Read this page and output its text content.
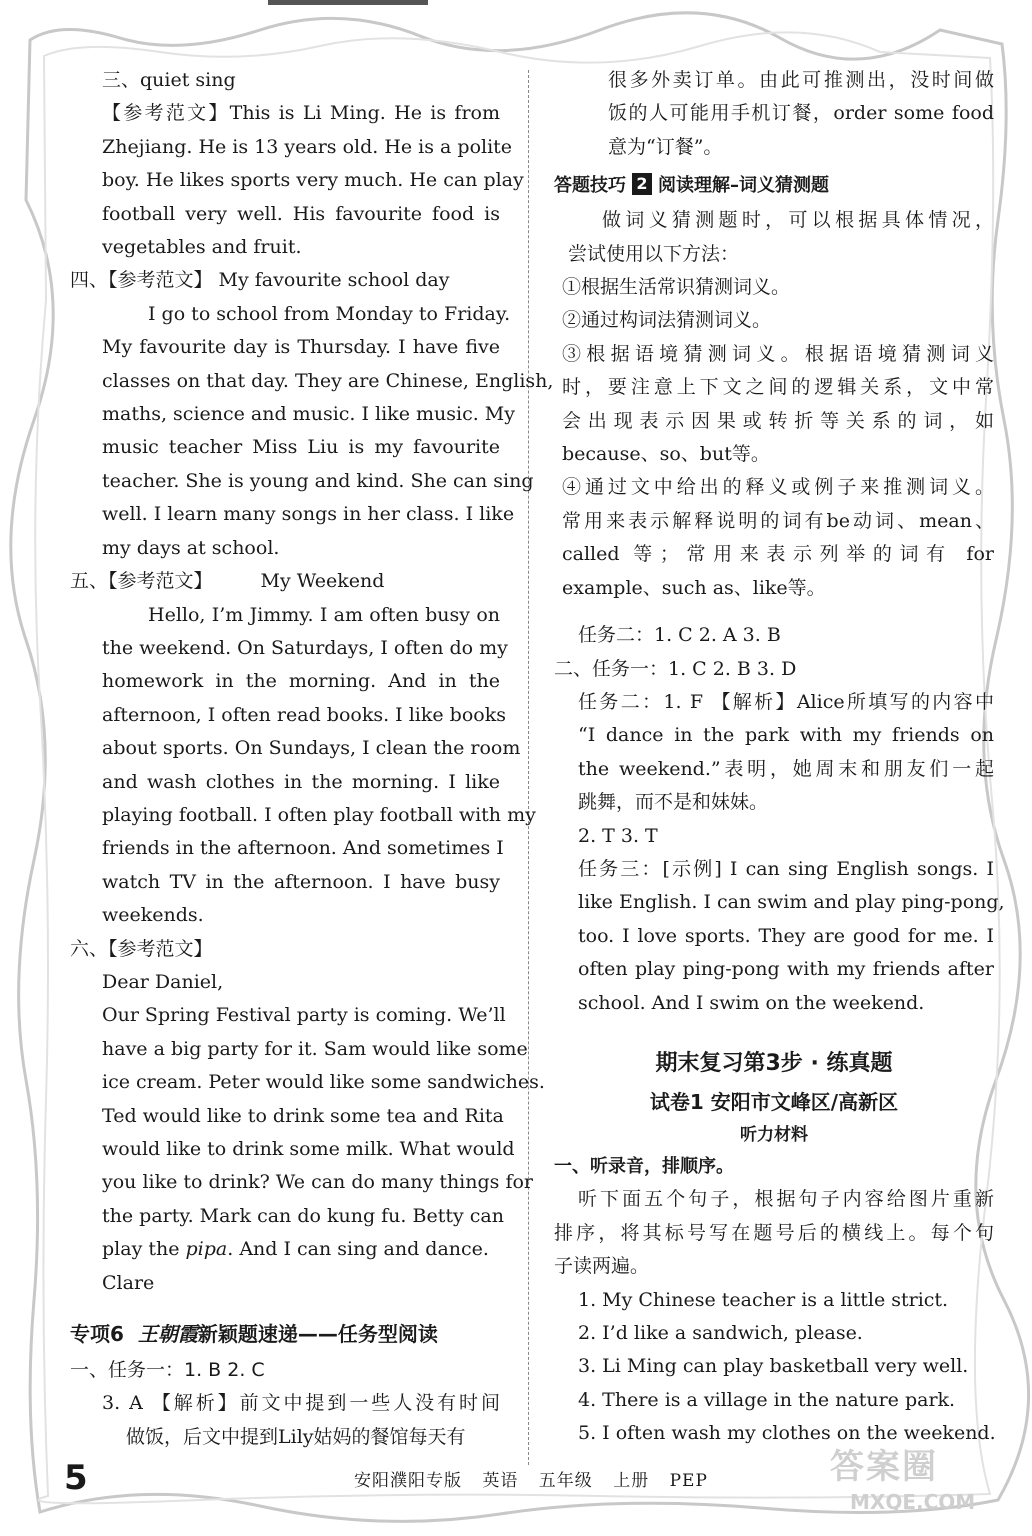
三、quiet sing
【参考范文】This is Li Ming. He is from
Zhejiang. He is 13 years old. He is a polite
boy. He likes sports very much. He can play
football very well. His favourite food is
vegetables and fruit.
四、【参考范文】 My favourite school day
I go to school from Monday to Friday.
My favourite day is Thursday. I have five
classes on that day. They are Chinese, English,
maths, science and music. I like music. My
music teacher Miss Liu is my favourite
teacher. She is young and kind. She can sing
well. I learn many songs in her class. I like
my days at school.
五、【参考范文】	My Weekend
Hello, I’m Jimmy. I am often busy on
the weekend. On Saturdays, I often do my
homework in the morning. And in the
afternoon, I often read books. I like books
about sports. On Sundays, I clean the room
and wash clothes in the morning. I like
playing football. I often play football with my
friends in the afternoon. And sometimes I
watch TV in the afternoon. I have busy
weekends.
六、【参考范文】
Dear Daniel,
Our Spring Festival party is coming. We’ll
have a big party for it. Sam would like some
ice cream. Peter would like some sandwiches.
Ted would like to drink some tea and Rita
would like to drink some milk. What would
you like to drink? We can do many things for
the party. Mark can do kung fu. Betty can
play the pipa. And I can sing and dance.
Clare
专项6 王朝霞新颖题速递——任务型阅读
一、任务一：1. B 2. C
3. A 【解析】前文中提到一些人没有时间
做饭，后文中提到Lily姑妈的餐馆每天有
很多外卖订单。由此可推测出，没时间做
饭的人可能用手机订餐，order some food
意为“订餐”。
答题技巧 2 阅读理解–词义猜测题
做词义猜测题时，可以根据具体情况，
尝试使用以下方法：
①根据生活常识猜测词义。
②通过构词法猜测词义。
③根据语境猜测词义。根据语境猜测词义
时，要注意上下文之间的逻辑关系，文中常
会出现表示因果或转折等关系的词，如
because、so、but等。
④通过文中给出的释义或例子来推测词义。
常用来表示解释说明的词有be动词、mean、
called 等；常用来表示列举的词有 for
example、such as、like等。
任务二：1. C 2. A 3. B
二、任务一：1. C 2. B 3. D
任务二：1. F 【解析】Alice所填写的内容中
“I dance in the park with my friends on
the weekend.”表明，她周末和朋友们一起
跳舞，而不是和妹妹。
2. T 3. T
任务三：[示例] I can sing English songs. I
like English. I can swim and play ping-pong,
too. I love sports. They are good for me. I
often play ping-pong with my friends after
school. And I swim on the weekend.
期末复习第3步 · 练真题
试卷1 安阳市文峰区/高新区
听力材料
一、听录音，排顺序。
听下面五个句子，根据句子内容给图片重新
排序，将其标号写在题号后的横线上。每个句
子读两遍。
1. My Chinese teacher is a little strict.
2. I’d like a sandwich, please.
3. Li Ming can play basketball very well.
4. There is a village in the nature park.
5. I often wash my clothes on the weekend.
5	安阳濮阳专版 英语 五年级 上册 PEP	答案圈
MXQE.COM
